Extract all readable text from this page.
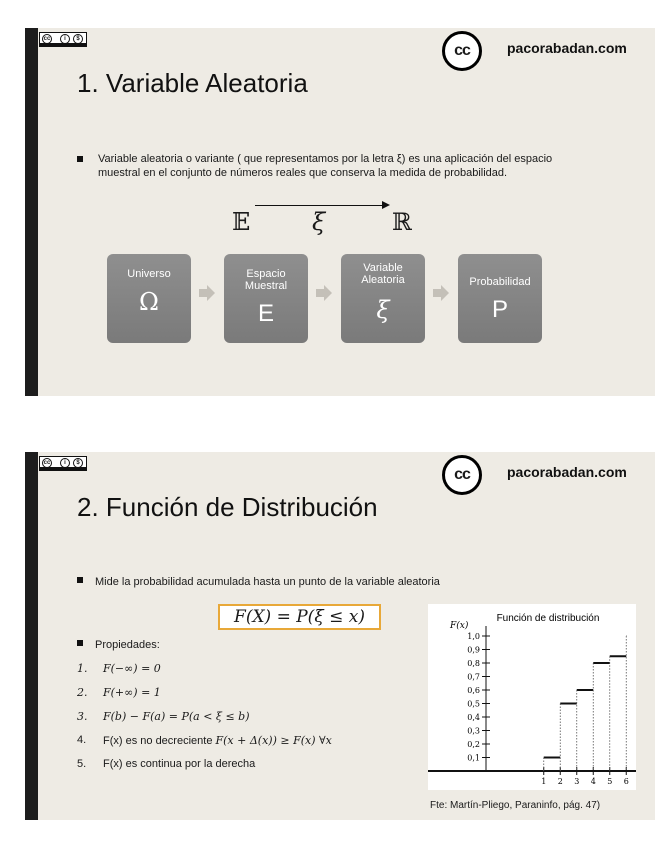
cc	i	$
cc	pacorabadan.com
1. Variable Aleatoria
Variable aleatoria o variante ( que representamos por la letra ξ) es una aplicación del espacio muestral en el conjunto de números reales que conserva la medida de probabilidad.
𝔼	ξ	ℝ
Universo
Ω
Espacio Muestral
E
Variable Aleatoria
ξ
Probabilidad
P
cc	i	$
cc	pacorabadan.com
2. Función de Distribución
Mide la probabilidad acumulada hasta un punto de la variable aleatoria
F(X) = P(ξ ≤ x)
Propiedades:
1.	F(−∞) = 0
2.	F(+∞) = 1
3.	F(b) − F(a) = P(a < ξ ≤ b)
4.	F(x) es no decreciente F(x + Δ(x)) ≥ F(x) ∀x
5.	F(x) es continua por la derecha
Función de distribución
F(x)
0,1
0,2
0,3
0,4
0,5
0,6
0,7
0,8
0,9
1,0
1 2 3 4 5 6
Fte: Martín-Pliego, Paraninfo, pág. 47)
